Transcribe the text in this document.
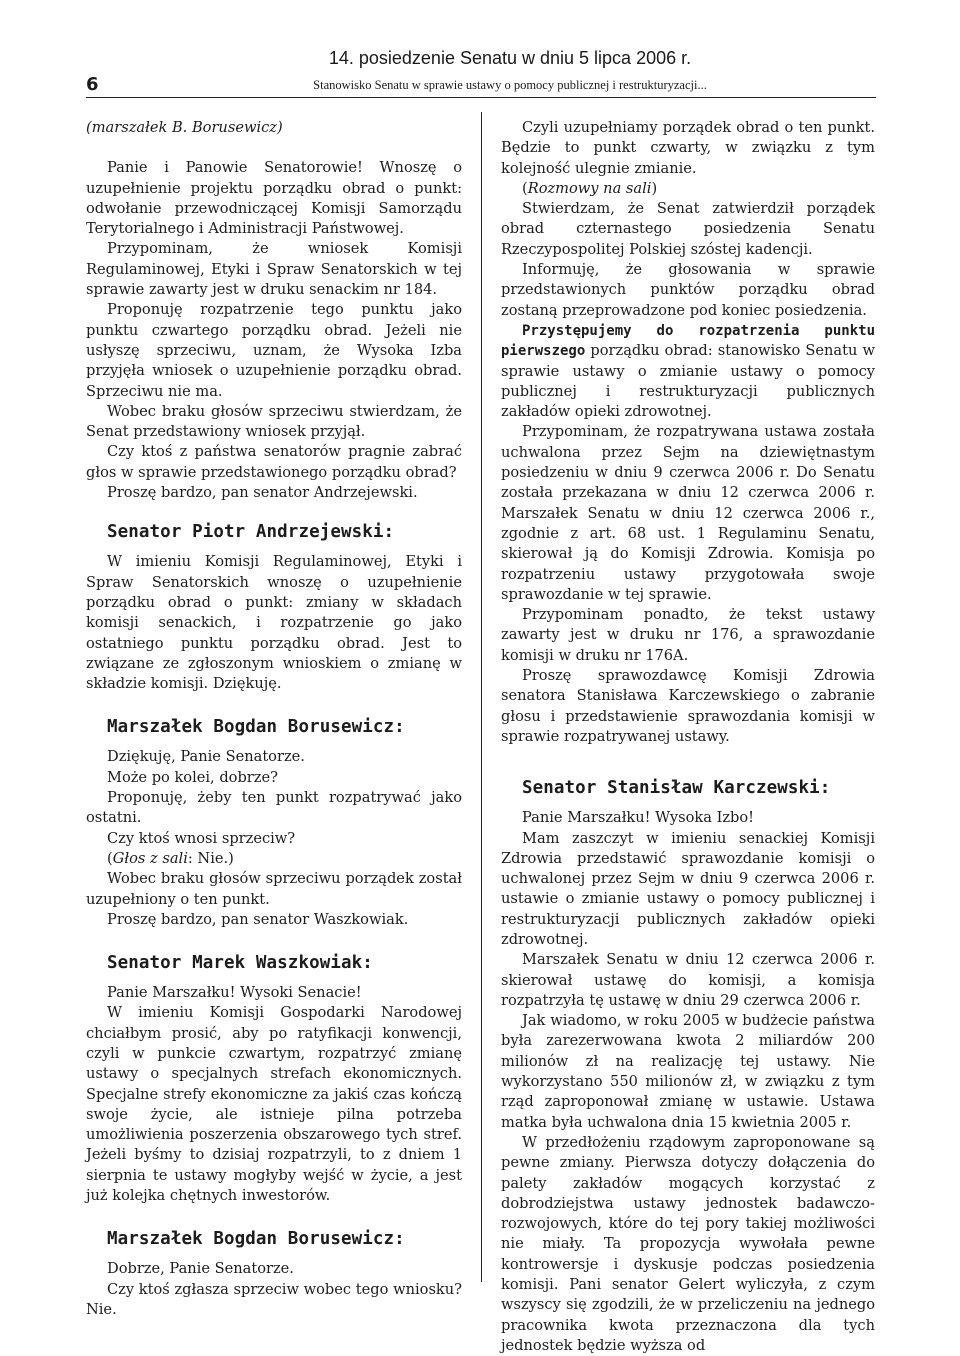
6
14. posiedzenie Senatu w dniu 5 lipca 2006 r.
Stanowisko Senatu w sprawie ustawy o pomocy publicznej i restrukturyzacji...

(marszałek B. Borusewicz)

Panie i Panowie Senatorowie! Wnoszę o uzupełnienie projektu porządku obrad o punkt: odwołanie przewodniczącej Komisji Samorządu Terytorialnego i Administracji Państwowej.

Przypominam, że wniosek Komisji Regulaminowej, Etyki i Spraw Senatorskich w tej sprawie zawarty jest w druku senackim nr 184.

Proponuję rozpatrzenie tego punktu jako punktu czwartego porządku obrad. Jeżeli nie usłyszę sprzeciwu, uznam, że Wysoka Izba przyjęła wniosek o uzupełnienie porządku obrad. Sprzeciwu nie ma.

Wobec braku głosów sprzeciwu stwierdzam, że Senat przedstawiony wniosek przyjął.

Czy ktoś z państwa senatorów pragnie zabrać głos w sprawie przedstawionego porządku obrad?

Proszę bardzo, pan senator Andrzejewski.

Senator Piotr Andrzejewski:

W imieniu Komisji Regulaminowej, Etyki i Spraw Senatorskich wnoszę o uzupełnienie porządku obrad o punkt: zmiany w składach komisji senackich, i rozpatrzenie go jako ostatniego punktu porządku obrad. Jest to związane ze zgłoszonym wnioskiem o zmianę w składzie komisji. Dziękuję.

Marszałek Bogdan Borusewicz:

Dziękuję, Panie Senatorze.

Może po kolei, dobrze?

Proponuję, żeby ten punkt rozpatrywać jako ostatni.

Czy ktoś wnosi sprzeciw?

(Głos z sali: Nie.)

Wobec braku głosów sprzeciwu porządek został uzupełniony o ten punkt.

Proszę bardzo, pan senator Waszkowiak.

Senator Marek Waszkowiak:

Panie Marszałku! Wysoki Senacie!

W imieniu Komisji Gospodarki Narodowej chciałbym prosić, aby po ratyfikacji konwencji, czyli w punkcie czwartym, rozpatrzyć zmianę ustawy o specjalnych strefach ekonomicznych. Specjalne strefy ekonomiczne za jakiś czas kończą swoje życie, ale istnieje pilna potrzeba umożliwienia poszerzenia obszarowego tych stref. Jeżeli byśmy to dzisiaj rozpatrzyli, to z dniem 1 sierpnia te ustawy mogłyby wejść w życie, a jest już kolejka chętnych inwestorów.

Marszałek Bogdan Borusewicz:

Dobrze, Panie Senatorze.

Czy ktoś zgłasza sprzeciw wobec tego wniosku? Nie.

Czyli uzupełniamy porządek obrad o ten punkt. Będzie to punkt czwarty, w związku z tym kolejność ulegnie zmianie.

(Rozmowy na sali)

Stwierdzam, że Senat zatwierdził porządek obrad czternastego posiedzenia Senatu Rzeczypospolitej Polskiej szóstej kadencji.

Informuję, że głosowania w sprawie przedstawionych punktów porządku obrad zostaną przeprowadzone pod koniec posiedzenia.

Przystępujemy do rozpatrzenia punktu pierwszego porządku obrad: stanowisko Senatu w sprawie ustawy o zmianie ustawy o pomocy publicznej i restrukturyzacji publicznych zakładów opieki zdrowotnej.

Przypominam, że rozpatrywana ustawa została uchwalona przez Sejm na dziewiętnastym posiedzeniu w dniu 9 czerwca 2006 r. Do Senatu została przekazana w dniu 12 czerwca 2006 r. Marszałek Senatu w dniu 12 czerwca 2006 r., zgodnie z art. 68 ust. 1 Regulaminu Senatu, skierował ją do Komisji Zdrowia. Komisja po rozpatrzeniu ustawy przygotowała swoje sprawozdanie w tej sprawie.

Przypominam ponadto, że tekst ustawy zawarty jest w druku nr 176, a sprawozdanie komisji w druku nr 176A.

Proszę sprawozdawcę Komisji Zdrowia senatora Stanisława Karczewskiego o zabranie głosu i przedstawienie sprawozdania komisji w sprawie rozpatrywanej ustawy.

Senator Stanisław Karczewski:

Panie Marszałku! Wysoka Izbo!

Mam zaszczyt w imieniu senackiej Komisji Zdrowia przedstawić sprawozdanie komisji o uchwalonej przez Sejm w dniu 9 czerwca 2006 r. ustawie o zmianie ustawy o pomocy publicznej i restrukturyzacji publicznych zakładów opieki zdrowotnej.

Marszałek Senatu w dniu 12 czerwca 2006 r. skierował ustawę do komisji, a komisja rozpatrzyła tę ustawę w dniu 29 czerwca 2006 r.

Jak wiadomo, w roku 2005 w budżecie państwa była zarezerwowana kwota 2 miliardów 200 milionów zł na realizację tej ustawy. Nie wykorzystano 550 milionów zł, w związku z tym rząd zaproponował zmianę w ustawie. Ustawa matka była uchwalona dnia 15 kwietnia 2005 r.

W przedłożeniu rządowym zaproponowane są pewne zmiany. Pierwsza dotyczy dołączenia do palety zakładów mogących korzystać z dobrodziejstwa ustawy jednostek badawczo-rozwojowych, które do tej pory takiej możliwości nie miały. Ta propozycja wywołała pewne kontrowersje i dyskusje podczas posiedzenia komisji. Pani senator Gelert wyliczyła, z czym wszyscy się zgodzili, że w przeliczeniu na jednego pracownika kwota przeznaczona dla tych jednostek będzie wyższa od
